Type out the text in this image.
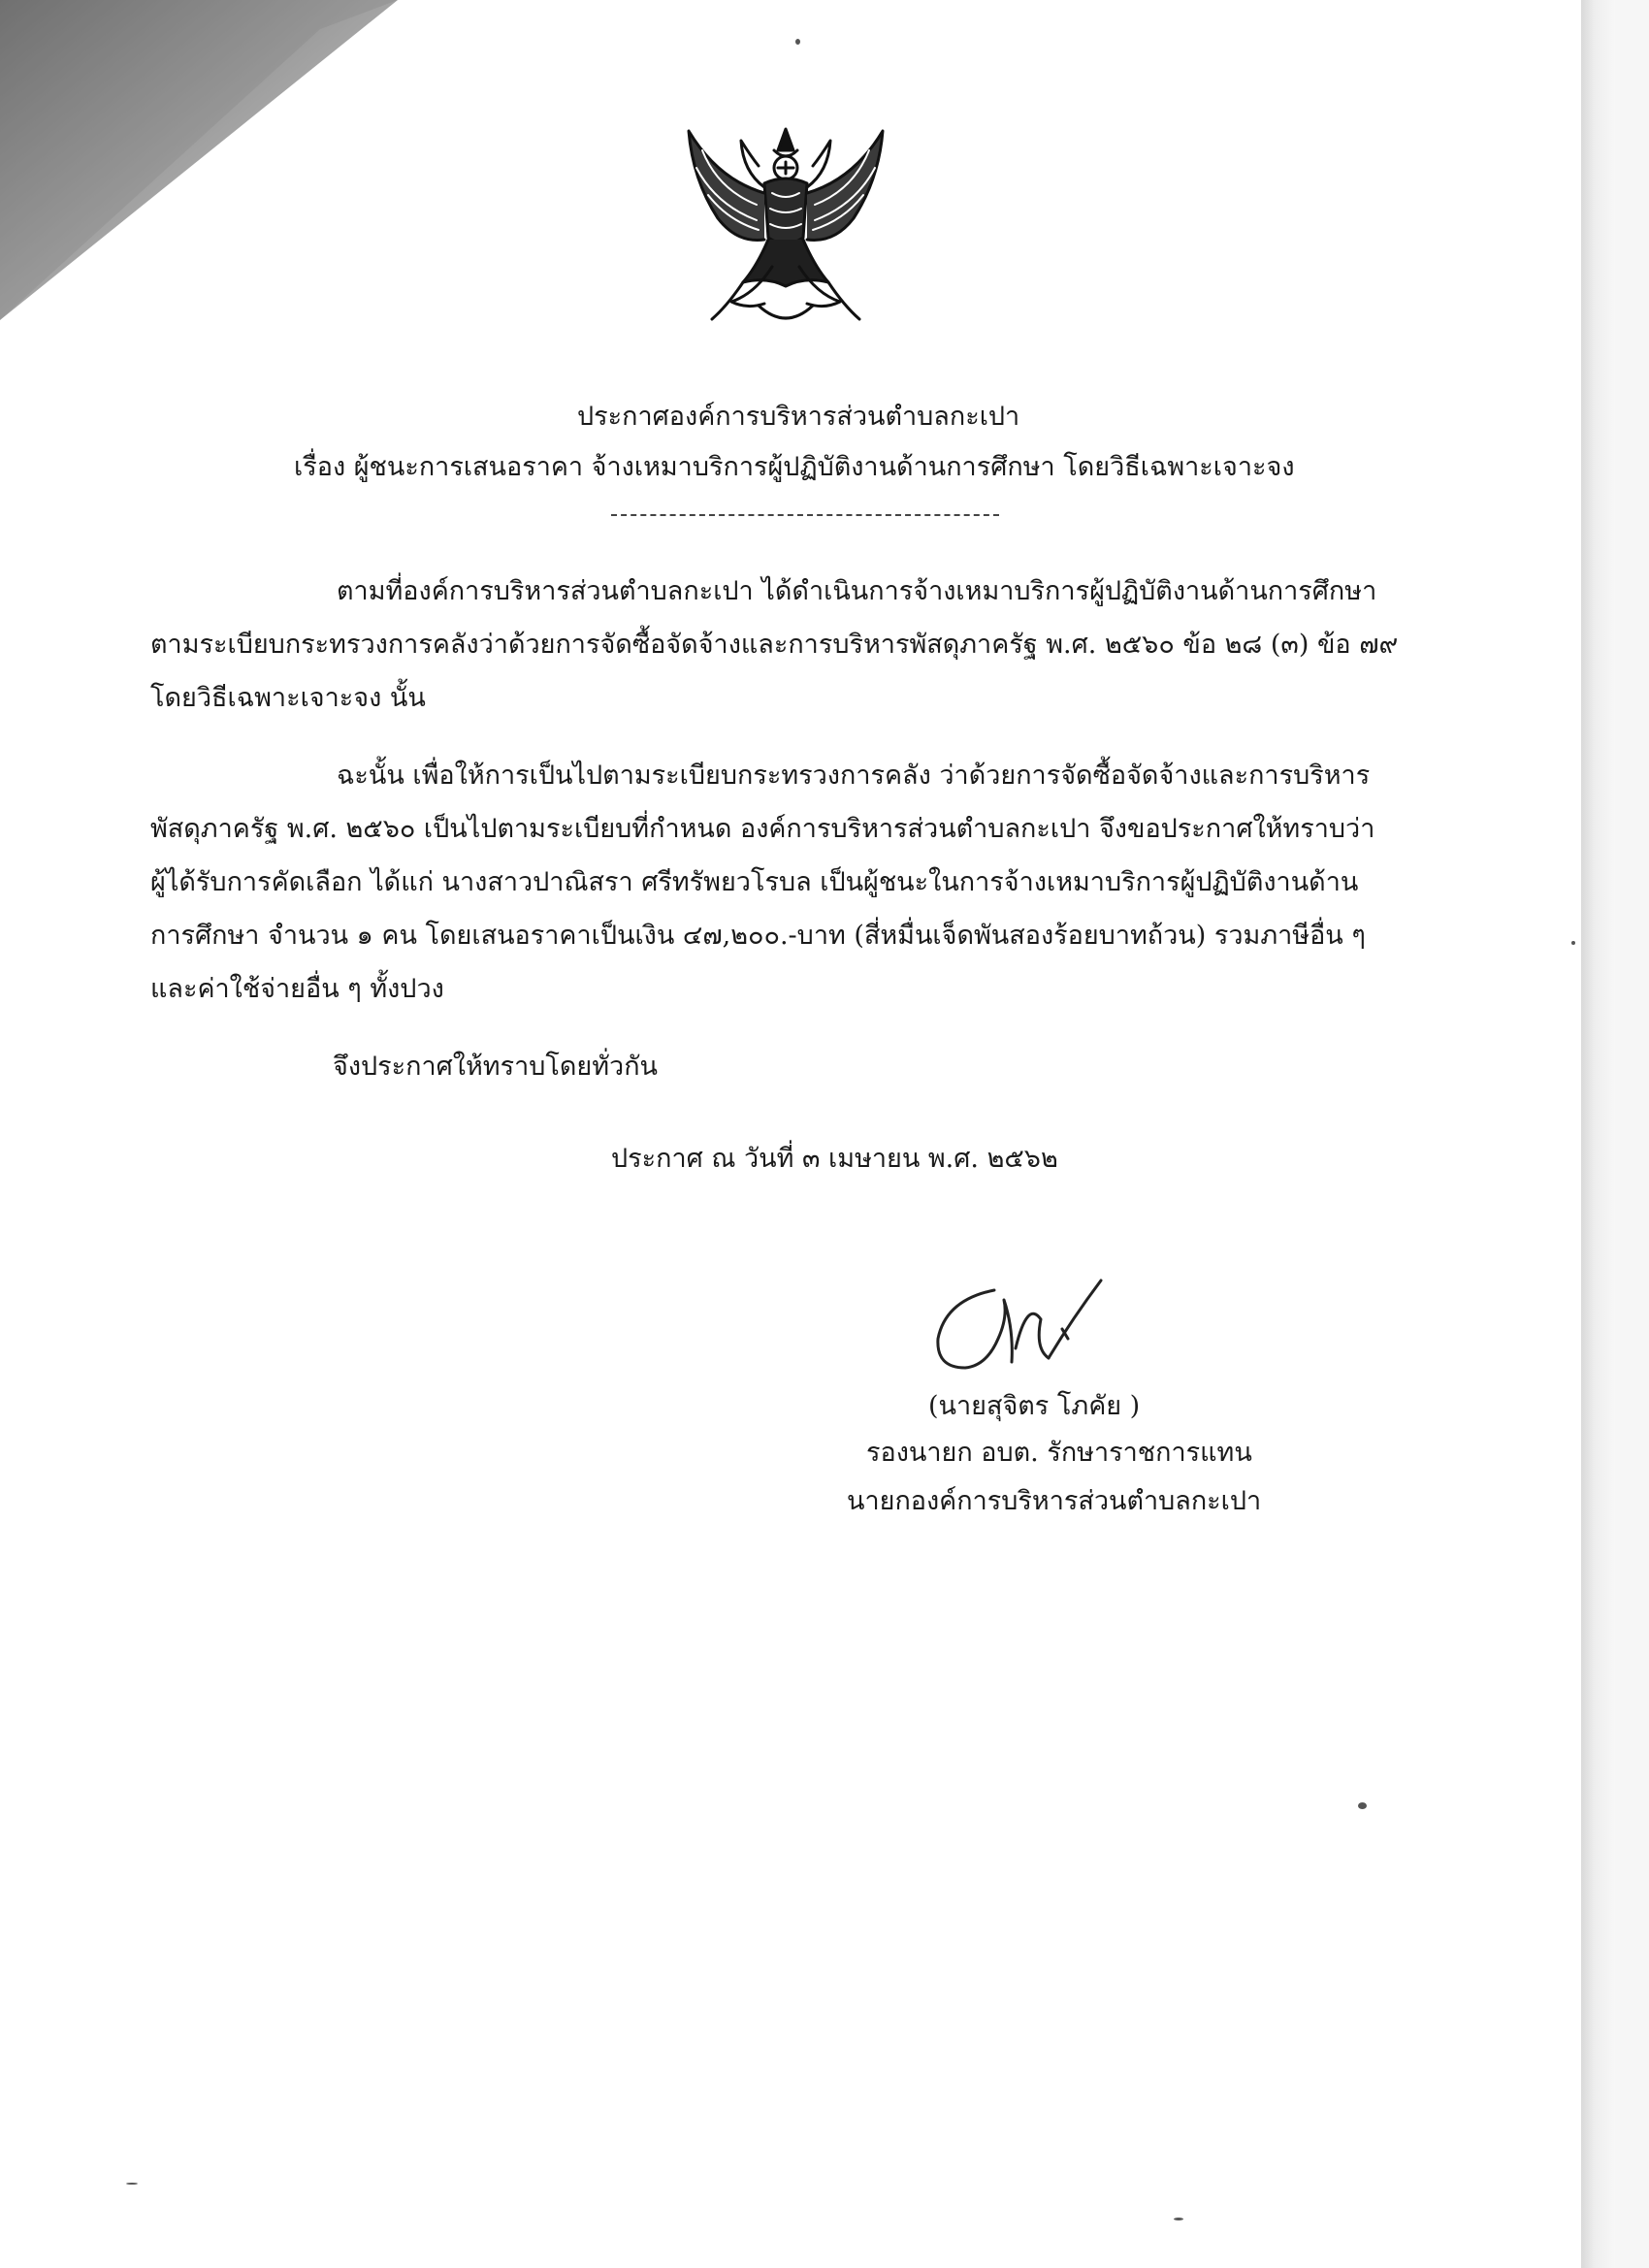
ประกาศองค์การบริหารส่วนตำบลกะเปา
เรื่อง ผู้ชนะการเสนอราคา จ้างเหมาบริการผู้ปฏิบัติงานด้านการศึกษา โดยวิธีเฉพาะเจาะจง
ตามที่องค์การบริหารส่วนตำบลกะเปา ได้ดำเนินการจ้างเหมาบริการผู้ปฏิบัติงานด้านการศึกษา
ตามระเบียบกระทรวงการคลังว่าด้วยการจัดซื้อจัดจ้างและการบริหารพัสดุภาครัฐ พ.ศ. ๒๕๖๐ ข้อ ๒๘ (๓) ข้อ ๗๙
โดยวิธีเฉพาะเจาะจง นั้น
ฉะนั้น เพื่อให้การเป็นไปตามระเบียบกระทรวงการคลัง ว่าด้วยการจัดซื้อจัดจ้างและการบริหาร
พัสดุภาครัฐ พ.ศ. ๒๕๖๐ เป็นไปตามระเบียบที่กำหนด องค์การบริหารส่วนตำบลกะเปา จึงขอประกาศให้ทราบว่า
ผู้ได้รับการคัดเลือก ได้แก่ นางสาวปาณิสรา ศรีทรัพยวโรบล เป็นผู้ชนะในการจ้างเหมาบริการผู้ปฏิบัติงานด้าน
การศึกษา จำนวน ๑ คน โดยเสนอราคาเป็นเงิน ๔๗,๒๐๐.-บาท (สี่หมื่นเจ็ดพันสองร้อยบาทถ้วน) รวมภาษีอื่น ๆ
และค่าใช้จ่ายอื่น ๆ ทั้งปวง
จึงประกาศให้ทราบโดยทั่วกัน
ประกาศ ณ วันที่ ๓ เมษายน พ.ศ. ๒๕๖๒
(นายสุจิตร โภคัย )
รองนายก อบต. รักษาราชการแทน
นายกองค์การบริหารส่วนตำบลกะเปา
